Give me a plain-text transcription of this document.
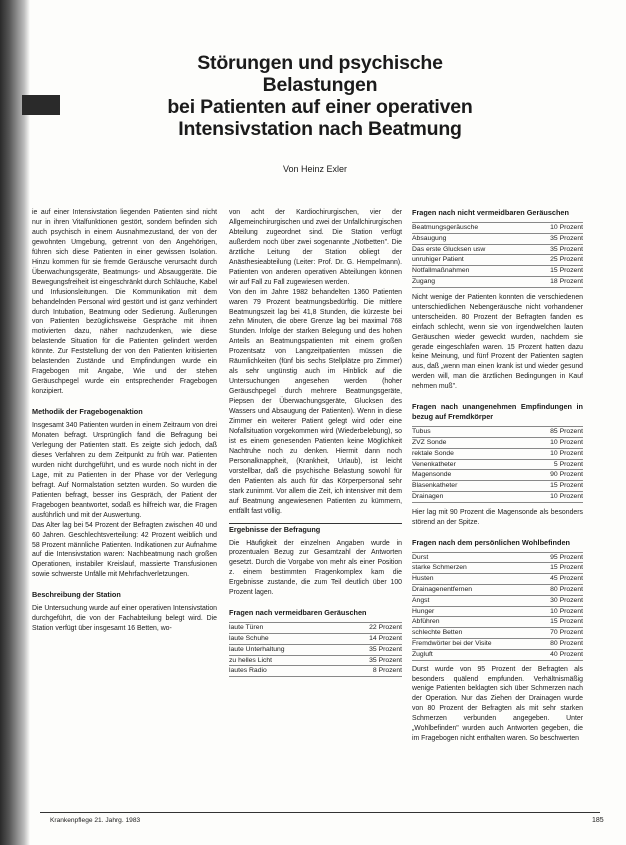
Störungen und psychische
Belastungen
bei Patienten auf einer operativen
Intensivstation nach Beatmung
Von Heinz Exler

ie auf einer Intensivstation liegenden Patienten sind nicht nur in ihren Vitalfunktionen gestört, sondern befinden sich auch psychisch in einem Ausnahmezustand, der von der gewohnten Umgebung, getrennt von den Angehörigen, führen sich diese Patienten in einer gewissen Isolation. Hinzu kommen für sie fremde Geräusche verursacht durch Überwachungsgeräte, Beatmungs- und Absauggeräte. Die Bewegungsfreiheit ist eingeschränkt durch Schläuche, Kabel und Infusionsleitungen. Die Kommunikation mit dem behandelnden Personal wird gestört und ist ganz verhindert durch Intubation, Beatmung oder Sedierung. Äußerungen von Patienten bezüglichsweise Gespräche mit ihnen motivierten dazu, näher nachzudenken, wie diese belastende Situation für die Patienten gelindert werden könnte. Zur Feststellung der von den Patienten kritisierten belastenden Zustände und Empfindungen wurde ein Fragebogen mit Angabe, Wie und der stehen Geräuschpegel wurde ein entsprechender Fragebogen konzipiert.

Methodik der Fragebogenaktion

Insgesamt 340 Patienten wurden in einem Zeitraum von drei Monaten befragt. Ursprünglich fand die Befragung bei Verlegung der Patienten statt. Es zeigte sich jedoch, daß dieses Verfahren zu dem Zeitpunkt zu früh war. Patienten wurden nicht durchgeführt, und es wurde noch nicht in der Lage, mit zu Patienten in der Phase vor der Verlegung befragt. Auf Normalstation setzten wurden. So wurden die Patienten befragt, besser ins Gespräch, der Patient der Fragebogen beantwortet, sodaß es hilfreich war, die Fragen ausführlich und mit der Auswertung.

Das Alter lag bei 54 Prozent der Befragten zwischen 40 und 60 Jahren. Geschlechtsverteilung: 42 Prozent weiblich und 58 Prozent männliche Patienten. Indikationen zur Aufnahme auf die Intensivstation waren: Nachbeatmung nach großen Operationen, instabiler Kreislauf, massierte Transfusionen sowie schwerste Unfälle mit Mehrfachverletzungen.

Beschreibung der Station

Die Untersuchung wurde auf einer operativen Intensivstation durchgeführt, die von der Fachabteilung belegt wird. Die Station verfügt über insgesamt 16 Betten, wo-

von acht der Kardiochirurgischen, vier der Allgemeinchirurgischen und zwei der Unfallchirurgischen Abteilung zugeordnet sind. Die Station verfügt außerdem noch über zwei sogenannte „Notbetten". Die ärztliche Leitung der Station obliegt der Anästhesieabteilung (Leiter: Prof. Dr. G. Hempelmann). Patienten von anderen operativen Abteilungen können wir auf Fall zu Fall zugewiesen werden.

Von den im Jahre 1982 behandelten 1360 Patienten waren 79 Prozent beatmungsbedürftig. Die mittlere Beatmungszeit lag bei 41,8 Stunden, die kürzeste bei zehn Minuten, die obere Grenze lag bei maximal 768 Stunden. Infolge der starken Belegung und des hohen Anteils an Beatmungspatienten mit einem großen Prozentsatz von Langzeitpatienten müssen die Räumlichkeiten (fünf bis sechs Stellplätze pro Zimmer) als sehr ungünstig auch im Hinblick auf die Untersuchungen angesehen werden (hoher Geräuschpegel durch mehrere Beatmungsgeräte, Piepsen der Überwachungsgeräte, Glucksen des Wassers und Absaugung der Patienten). Wenn in diese Zimmer ein weiterer Patient gelegt wird oder eine Nofallsituation vorgekommen wird (Wiederbelebung), so ist es einem genesenden Patienten keine Möglichkeit Nachtruhe noch zu denken. Hiermit dann noch Personalknappheit, (Krankheit, Urlaub), ist leicht vorstellbar, daß die psychische Belastung sowohl für den Patienten als auch für das Körperpersonal sehr stark zunimmt. Vor allem die Zeit, ich intensiver mit dem auf Beatmung angewiesenen Patienten zu kümmern, entfällt fast völlig.

Ergebnisse der Befragung

Die Häufigkeit der einzelnen Angaben wurde in prozentualen Bezug zur Gesamtzahl der Antworten gesetzt. Durch die Vorgabe von mehr als einer Position z. einem bestimmten Fragenkomplex kam die Ergebnisse zustande, die zum Teil deutlich über 100 Prozent lagen.

Fragen nach vermeidbaren Geräuschen
laute Türen	22 Prozent
laute Schuhe	14 Prozent
laute Unterhaltung	35 Prozent
zu helles Licht	35 Prozent
lautes Radio	8 Prozent
Fragen nach nicht vermeidbaren Geräuschen
Beatmungsgeräusche	10 Prozent
Absaugung	35 Prozent
Das erste Glucksen usw	35 Prozent
unruhiger Patient	25 Prozent
Notfallmaßnahmen	15 Prozent
Zugang	18 Prozent

Nicht wenige der Patienten konnten die verschiedenen unterschiedlichen Nebengeräusche nicht vorhandener unterscheiden. 80 Prozent der Befragten fanden es einfach schlecht, wenn sie von irgendwelchen lauten Geräuschen wieder geweckt wurden, nachdem sie gerade eingeschlafen waren. 15 Prozent hatten dazu keine Meinung, und fünf Prozent der Patienten sagten aus, daß „wenn man einen krank ist und wieder gesund werden will, man die ärztlichen Bedingungen in Kauf nehmen muß".

Fragen nach unangenehmen Empfindungen in bezug auf Fremdkörper
Tubus	85 Prozent
ZVZ Sonde	10 Prozent
rektale Sonde	10 Prozent
Venenkatheter	5 Prozent
Magensonde	90 Prozent
Blasenkatheter	15 Prozent
Drainagen	10 Prozent

Hier lag mit 90 Prozent die Magensonde als besonders störend an der Spitze.

Fragen nach dem persönlichen Wohlbefinden
Durst	95 Prozent
starke Schmerzen	15 Prozent
Husten	45 Prozent
Drainagenentfernen	80 Prozent
Angst	30 Prozent
Hunger	10 Prozent
Abführen	15 Prozent
schlechte Betten	70 Prozent
Fremdwörter bei der Visite	80 Prozent
Zugluft	40 Prozent

Durst wurde von 95 Prozent der Befragten als besonders quälend empfunden. Verhältnismäßig wenige Patienten beklagten sich über Schmerzen nach der Operation. Nur das Ziehen der Drainagen wurde von 80 Prozent der Befragten als mit sehr starken Schmerzen verbunden angegeben. Unter „Wohlbefinden" wurden auch Antworten gegeben, die im Fragebogen nicht enthalten waren. So beschwerten

Krankenpflege 21. Jahrg. 1983	185
